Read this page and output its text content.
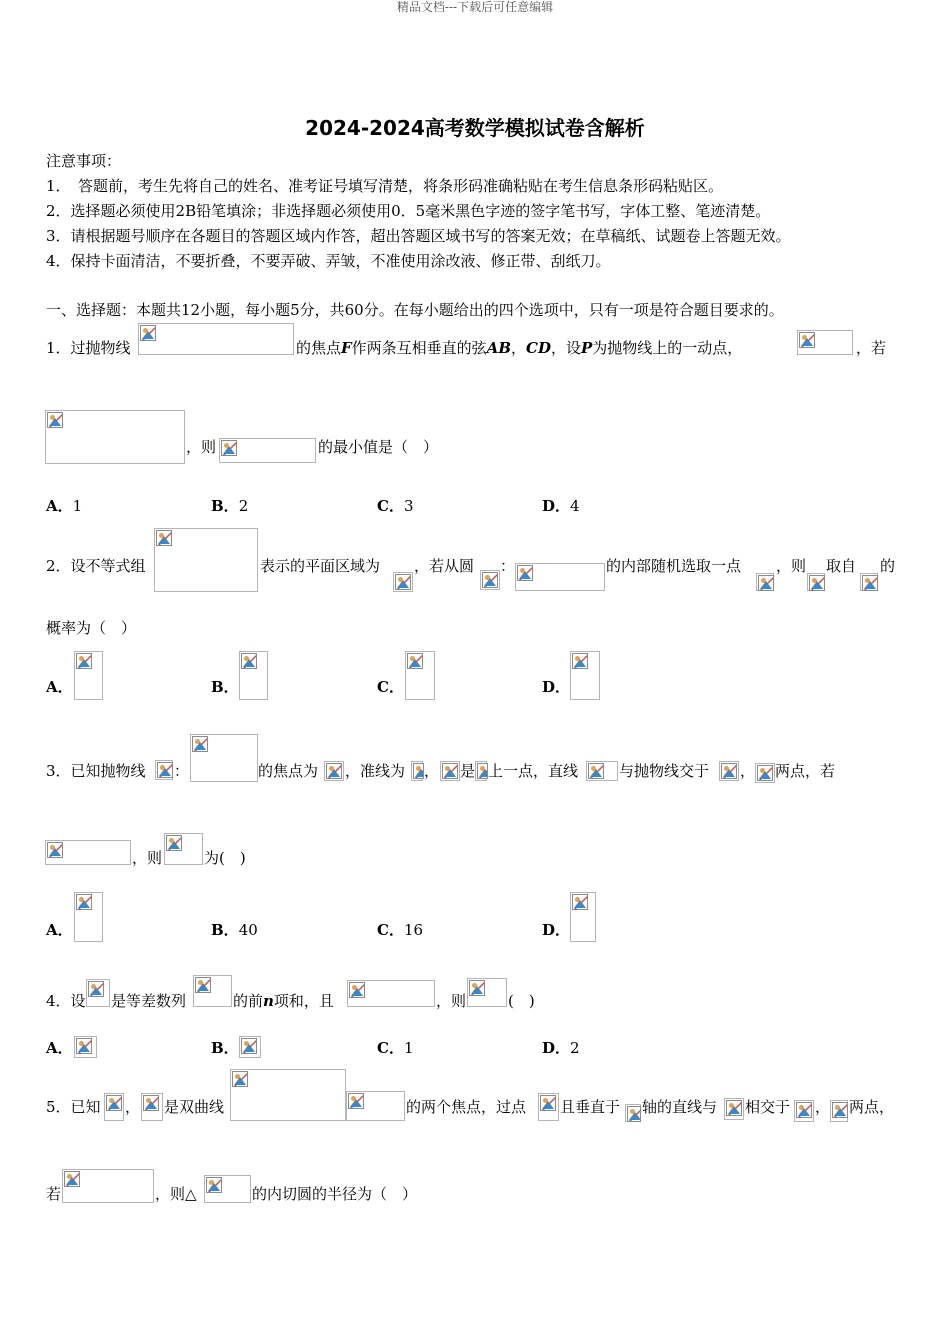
精品文档---下载后可任意编辑
2024-2024高考数学模拟试卷含解析
注意事项：
1．　答题前，考生先将自己的姓名、准考证号填写清楚，将条形码准确粘贴在考生信息条形码粘贴区。
2．选择题必须使用2B铅笔填涂；非选择题必须使用0．5毫米黑色字迹的签字笔书写，字体工整、笔迹清楚。
3．请根据题号顺序在各题目的答题区域内作答，超出答题区域书写的答案无效；在草稿纸、试题卷上答题无效。
4．保持卡面清洁，不要折叠，不要弄破、弄皱，不准使用涂改液、修正带、刮纸刀。
一、选择题：本题共12小题，每小题5分，共60分。在每小题给出的四个选项中，只有一项是符合题目要求的。
1．过抛物线	的焦点F作两条互相垂直的弦AB，CD，设P为抛物线上的一动点，	，若
，则	的最小值是（　）
A．1	B．2	C．3	D．4
2．设不等式组	表示的平面区域为 ，若从圆 ：	的内部随机选取一点 ，则 取自 的
概率为（　）
A．	B．	C．	D．
3．已知抛物线 ：	的焦点为 ，准线为 ， 是 上一点，直线	与抛物线交于 ， 两点，若
，则	为(　)
A．	B．40	C．16	D．
4．设 是等差数列	的前n项和，且	，则	(　)
A．	B．	C．1	D．2
5．已知 ， 是双曲线	的两个焦点，过点 且垂直于 轴的直线与 相交于 ， 两点，
若	，则△	的内切圆的半径为（　）
